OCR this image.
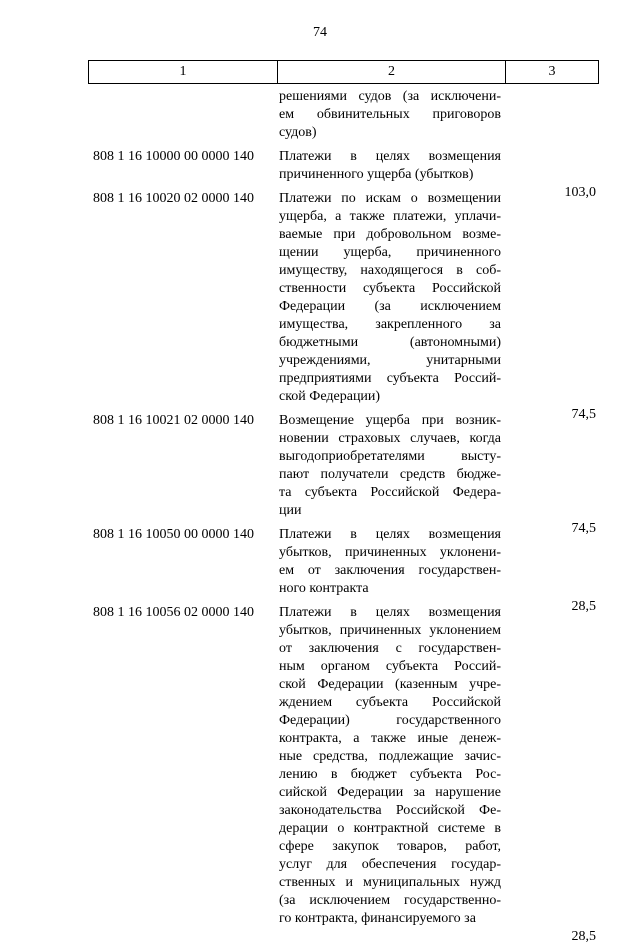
74
1	2	3
решениями судов (за исключени-
ем обвинительных приговоров
судов)
808 1 16 10000 00 0000 140 Платежи в целях возмещения
причиненного ущерба (убытков)
103,0
808 1 16 10020 02 0000 140 Платежи по искам о возмещении
ущерба, а также платежи, уплачи-
ваемые при добровольном возме-
щении ущерба, причиненного
имуществу, находящегося в соб-
ственности субъекта Российской
Федерации (за исключением
имущества, закрепленного за
бюджетными (автономными)
учреждениями, унитарными
предприятиями субъекта Россий-
ской Федерации)
74,5
808 1 16 10021 02 0000 140 Возмещение ущерба при возник-
новении страховых случаев, когда
выгодоприобретателями высту-
пают получатели средств бюдже-
та субъекта Российской Федера-
ции
74,5
808 1 16 10050 00 0000 140 Платежи в целях возмещения
убытков, причиненных уклонени-
ем от заключения государствен-
ного контракта
28,5
808 1 16 10056 02 0000 140 Платежи в целях возмещения
убытков, причиненных уклонением
от заключения с государствен-
ным органом субъекта Россий-
ской Федерации (казенным учре-
ждением субъекта Российской
Федерации) государственного
контракта, а также иные денеж-
ные средства, подлежащие зачис-
лению в бюджет субъекта Рос-
сийской Федерации за нарушение
законодательства Российской Фе-
дерации о контрактной системе в
сфере закупок товаров, работ,
услуг для обеспечения государ-
ственных и муниципальных нужд
(за исключением государственно-
го контракта, финансируемого за
28,5
